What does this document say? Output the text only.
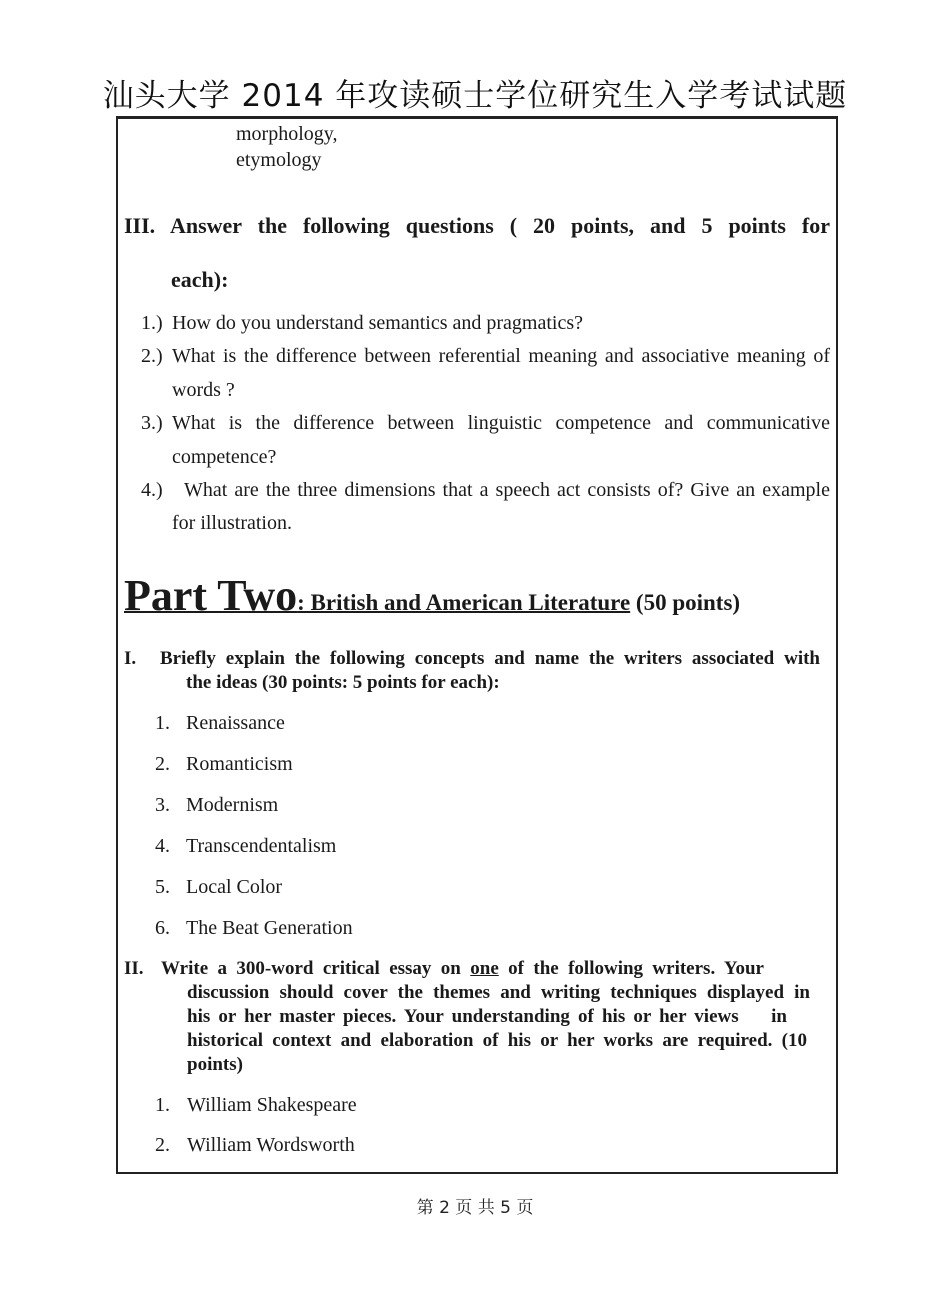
汕头大学 2014 年攻读硕士学位研究生入学考试试题
morphology,
etymology
III. Answer the following questions ( 20 points, and 5 points for
each):
1.) How do you understand semantics and pragmatics?
2.) What is the difference between referential meaning and associative meaning of
words ?
3.) What is the difference between linguistic competence and communicative
competence?
4.) What are the three dimensions that a speech act consists of? Give an example
for illustration.
Part Two: British and American Literature (50 points)
I. Briefly explain the following concepts and name the writers associated with
the ideas (30 points: 5 points for each):
1. Renaissance
2. Romanticism
3. Modernism
4. Transcendentalism
5. Local Color
6. The Beat Generation
II. Write a 300-word critical essay on one of the following writers. Your
discussion should cover the themes and writing techniques displayed in
his or her master pieces. Your understanding of his or her views    in
historical context and elaboration of his or her works are required. (10
points)
1. William Shakespeare
2. William Wordsworth
第 2 页 共 5 页
